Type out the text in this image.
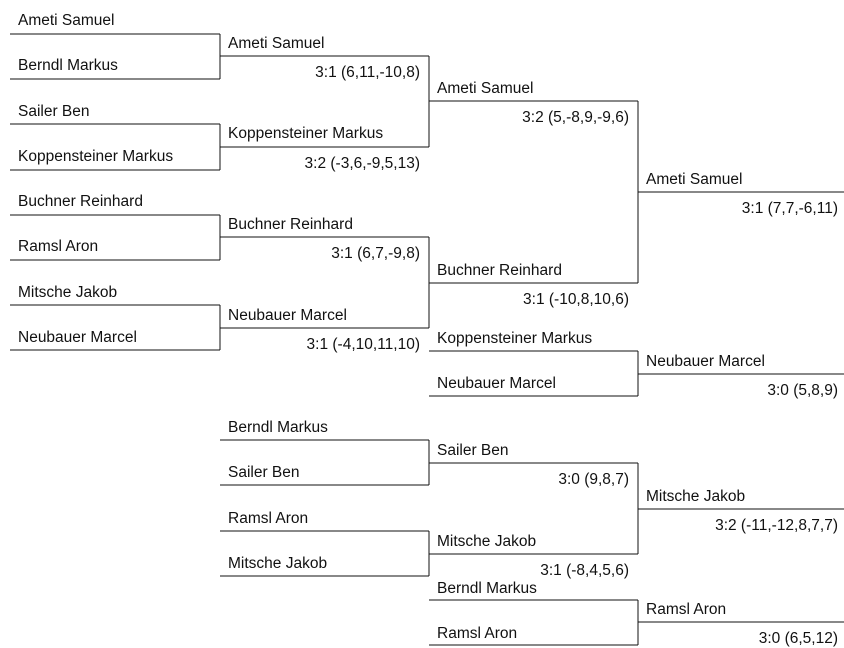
Ameti Samuel
Berndl Markus
Sailer Ben
Koppensteiner Markus
Buchner Reinhard
Ramsl Aron
Mitsche Jakob
Neubauer Marcel
Ameti Samuel
3:1 (6,11,-10,8)
Koppensteiner Markus
3:2 (-3,6,-9,5,13)
Buchner Reinhard
3:1 (6,7,-9,8)
Neubauer Marcel
3:1 (-4,10,11,10)
Ameti Samuel
3:2 (5,-8,9,-9,6)
Buchner Reinhard
3:1 (-10,8,10,6)
Ameti Samuel
3:1 (7,7,-6,11)
Koppensteiner Markus
Neubauer Marcel
Neubauer Marcel
3:0 (5,8,9)
Berndl Markus
Sailer Ben
Ramsl Aron
Mitsche Jakob
Sailer Ben
3:0 (9,8,7)
Mitsche Jakob
3:1 (-8,4,5,6)
Mitsche Jakob
3:2 (-11,-12,8,7,7)
Berndl Markus
Ramsl Aron
Ramsl Aron
3:0 (6,5,12)
